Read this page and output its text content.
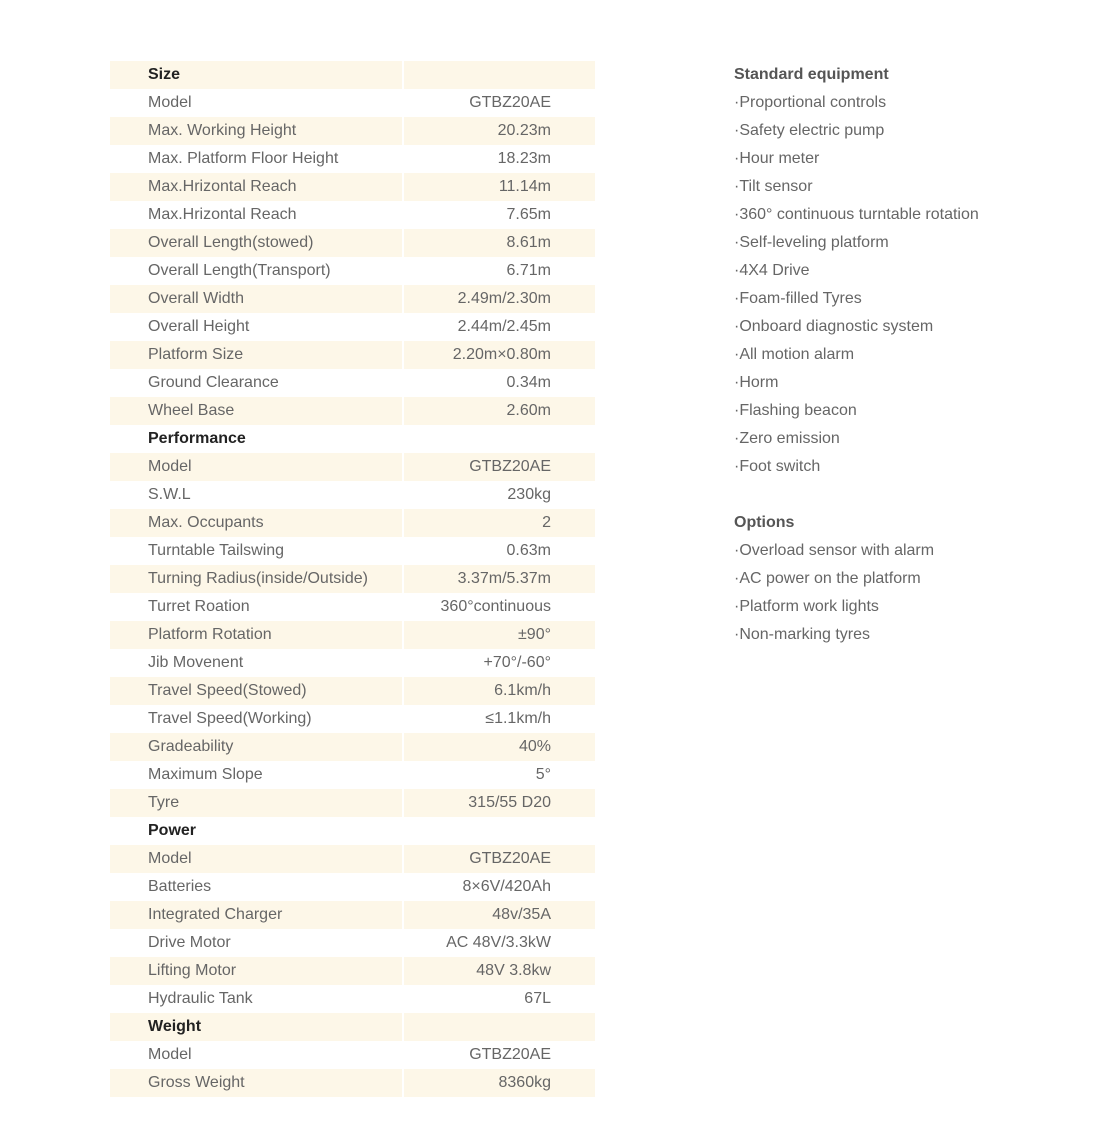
Size
Model	GTBZ20AE
Max. Working Height	20.23m
Max. Platform Floor Height	18.23m
Max.Hrizontal Reach	11.14m
Max.Hrizontal Reach	7.65m
Overall Length(stowed)	8.61m
Overall Length(Transport)	6.71m
Overall Width	2.49m/2.30m
Overall Height	2.44m/2.45m
Platform Size	2.20m×0.80m
Ground Clearance	0.34m
Wheel Base	2.60m
Performance
Model	GTBZ20AE
S.W.L	230kg
Max. Occupants	2
Turntable Tailswing	0.63m
Turning Radius(inside/Outside)	3.37m/5.37m
Turret Roation	360°continuous
Platform Rotation	±90°
Jib Movenent	+70°/-60°
Travel Speed(Stowed)	6.1km/h
Travel Speed(Working)	≤1.1km/h
Gradeability	40%
Maximum Slope	5°
Tyre	315/55 D20
Power
Model	GTBZ20AE
Batteries	8×6V/420Ah
Integrated Charger	48v/35A
Drive Motor	AC 48V/3.3kW
Lifting Motor	48V 3.8kw
Hydraulic Tank	67L
Weight
Model	GTBZ20AE
Gross Weight	8360kg
Standard equipment
·Proportional controls
·Safety electric pump
·Hour meter
·Tilt sensor
·360° continuous turntable rotation
·Self-leveling platform
·4X4 Drive
·Foam-filled Tyres
·Onboard diagnostic system
·All motion alarm
·Horm
·Flashing beacon
·Zero emission
·Foot switch
Options
·Overload sensor with alarm
·AC power on the platform
·Platform work lights
·Non-marking tyres
